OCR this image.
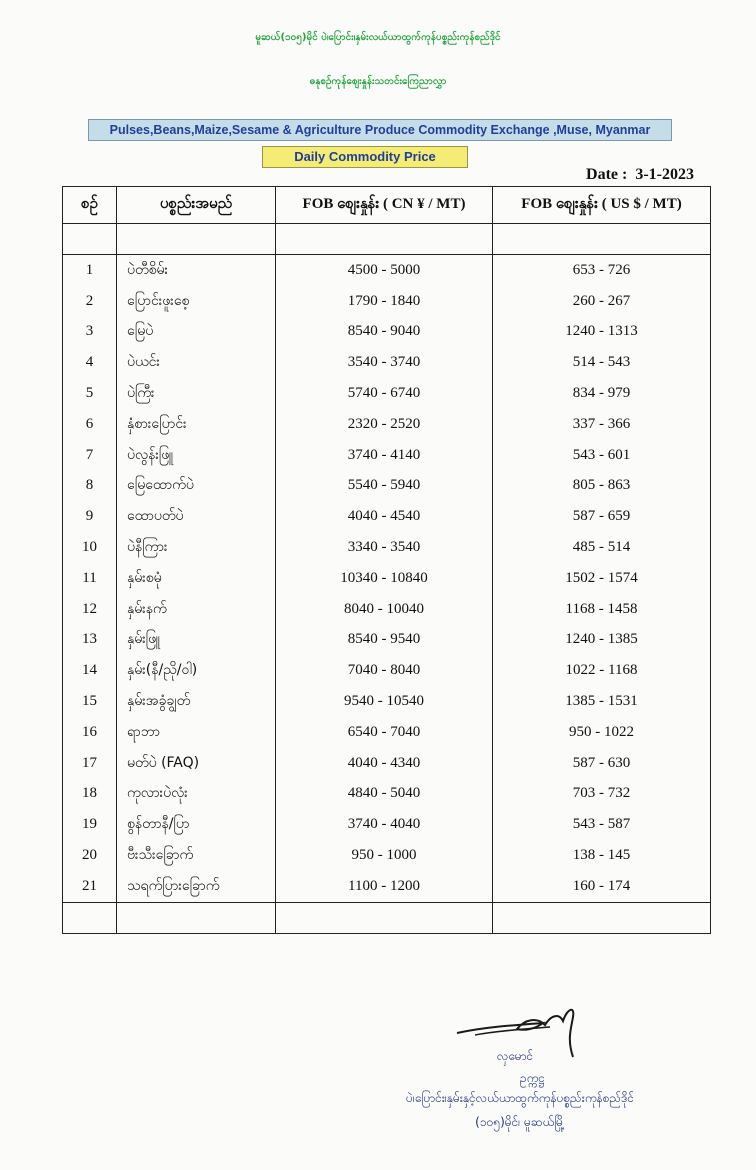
မူဆယ်(၁၀၅)မိုင် ပဲ၊ပြောင်း၊နှမ်းလယ်ယာထွက်ကုန်ပစ္စည်းကုန်စည်ဒိုင်
ဓနုစဉ်ကုန်စျေးနှုန်းသတင်းကြေညာလွှာ
Pulses,Beans,Maize,Sesame & Agriculture Produce Commodity Exchange ,Muse, Myanmar
Daily Commodity Price
Date : 3-1-2023
စဉ်	ပစ္စည်းအမည်	FOB စျေးနှုန်း ( CN ¥ / MT)	FOB စျေးနှုန်း ( US $ / MT)

1	ပဲတီစိမ်း	4500 - 5000	653 - 726
2	ပြောင်းဖူးစေ့	1790 - 1840	260 - 267
3	မြေပဲ	8540 - 9040	1240 - 1313
4	ပဲယင်း	3540 - 3740	514 - 543
5	ပဲကြီး	5740 - 6740	834 - 979
6	နှံစားပြောင်း	2320 - 2520	337 - 366
7	ပဲလွန်းဖြူ	3740 - 4140	543 - 601
8	မြေထောက်ပဲ	5540 - 5940	805 - 863
9	ထောပတ်ပဲ	4040 - 4540	587 - 659
10	ပဲနီကြား	3340 - 3540	485 - 514
11	နှမ်းစမုံ	10340 - 10840	1502 - 1574
12	နှမ်းနက်	8040 - 10040	1168 - 1458
13	နှမ်းဖြူ	8540 - 9540	1240 - 1385
14	နှမ်း(နီ/ညို/ဝါ)	7040 - 8040	1022 - 1168
15	နှမ်းအခွံချွတ်	9540 - 10540	1385 - 1531
16	ရာဘာ	6540 - 7040	950 - 1022
17	မတ်ပဲ (FAQ)	4040 - 4340	587 - 630
18	ကုလားပဲလုံး	4840 - 5040	703 - 732
19	စွန်တာနီ/ပြာ	3740 - 4040	543 - 587
20	ဗီးသီးခြောက်	950 - 1000	138 - 145
21	သရက်ပြားခြောက်	1100 - 1200	160 - 174

လှမောင်
ဥက္ကဋ္ဌ
ပဲ၊ပြောင်း၊နှမ်းနှင့်လယ်ယာထွက်ကုန်ပစ္စည်းကုန်စည်ဒိုင်
(၁၀၅)မိုင်၊ မူဆယ်မြို့
